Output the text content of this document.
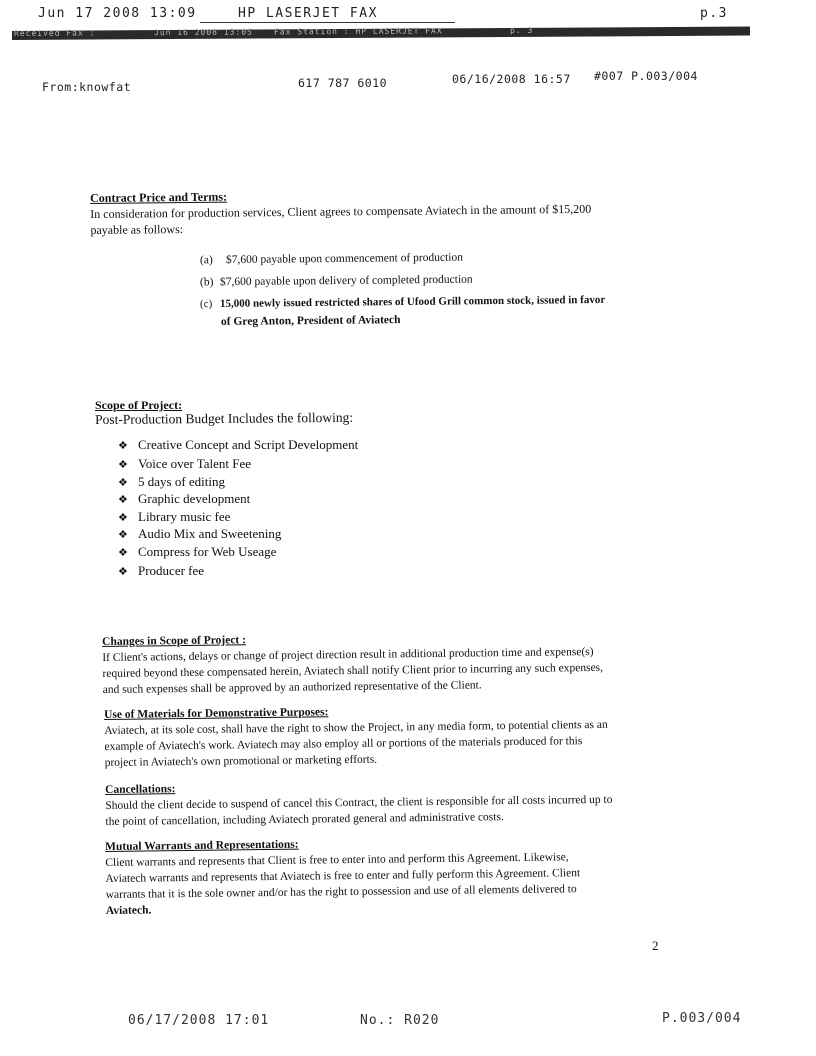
Jun 17 2008 13:09	HP LASERJET FAX	p.3
Received Fax :	Jun 16 2008 13:05	Fax Station : HP LASERJET FAX	p. 3
From:knowfat	617 787 6010	06/16/2008 16:57 #007 P.003/004

Contract Price and Terms:

In consideration for production services, Client agrees to compensate Aviatech in the amount of $15,200

payable as follows:

(a) $7,600 payable upon commencement of production
(b) $7,600 payable upon delivery of completed production
(c) 15,000 newly issued restricted shares of Ufood Grill common stock, issued in favor
of Greg Anton, President of Aviatech
Scope of Project:
Post-Production Budget Includes the following:
❖ Creative Concept and Script Development
❖ Voice over Talent Fee
❖ 5 days of editing
❖ Graphic development
❖ Library music fee
❖ Audio Mix and Sweetening
❖ Compress for Web Useage
❖ Producer fee

Changes in Scope of Project :

If Client's actions, delays or change of project direction result in additional production time and expense(s)

required beyond these compensated herein, Aviatech shall notify Client prior to incurring any such expenses,

and such expenses shall be approved by an authorized representative of the Client.

Use of Materials for Demonstrative Purposes:

Aviatech, at its sole cost, shall have the right to show the Project, in any media form, to potential clients as an

example of Aviatech's work. Aviatech may also employ all or portions of the materials produced for this

project in Aviatech's own promotional or marketing efforts.

Cancellations:

Should the client decide to suspend of cancel this Contract, the client is responsible for all costs incurred up to

the point of cancellation, including Aviatech prorated general and administrative costs.

Mutual Warrants and Representations:

Client warrants and represents that Client is free to enter into and perform this Agreement. Likewise,

Aviatech warrants and represents that Aviatech is free to enter and fully perform this Agreement. Client

warrants that it is the sole owner and/or has the right to possession and use of all elements delivered to

Aviatech.

2
06/17/2008 17:01	No.: R020	P.003/004
